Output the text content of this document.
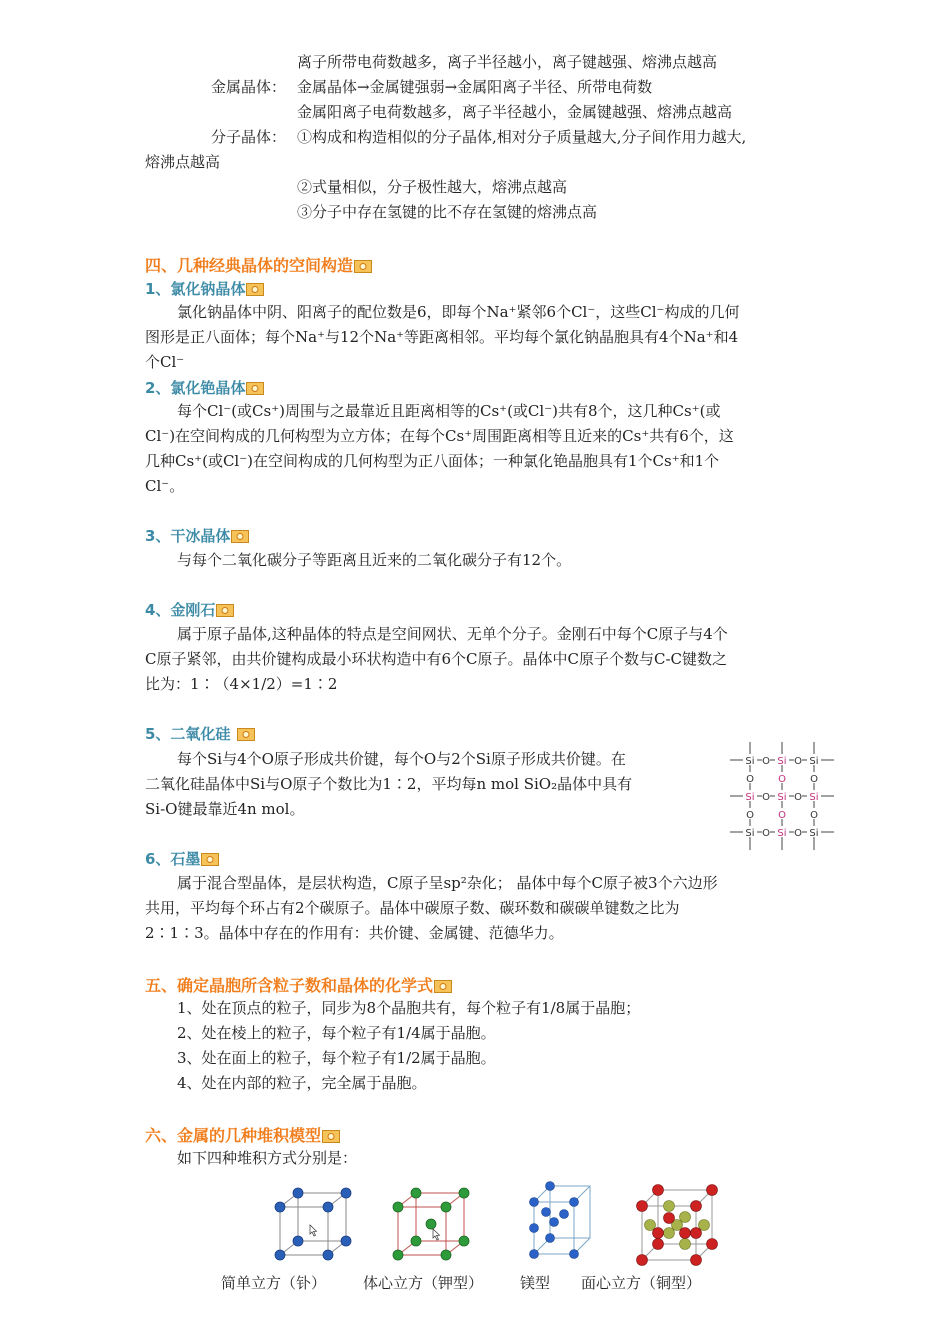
离子所带电荷数越多，离子半径越小，离子键越强、熔沸点越高
金属晶体： 金属晶体→金属键强弱→金属阳离子半径、所带电荷数
金属阳离子电荷数越多，离子半径越小，金属键越强、熔沸点越高
分子晶体： ①构成和构造相似的分子晶体,相对分子质量越大,分子间作用力越大,
熔沸点越高
②式量相似，分子极性越大，熔沸点越高
③分子中存在氢键的比不存在氢键的熔沸点高
四、几种经典晶体的空间构造
1、氯化钠晶体
氯化钠晶体中阴、阳离子的配位数是6，即每个Na⁺紧邻6个Cl⁻，这些Cl⁻构成的几何
图形是正八面体；每个Na⁺与12个Na⁺等距离相邻。平均每个氯化钠晶胞具有4个Na⁺和4
个Cl⁻
2、氯化铯晶体
每个Cl⁻(或Cs⁺)周围与之最靠近且距离相等的Cs⁺(或Cl⁻)共有8个，这几种Cs⁺(或
Cl⁻)在空间构成的几何构型为立方体；在每个Cs⁺周围距离相等且近来的Cs⁺共有6个，这
几种Cs⁺(或Cl⁻)在空间构成的几何构型为正八面体；一种氯化铯晶胞具有1个Cs⁺和1个
Cl⁻。
3、干冰晶体
与每个二氧化碳分子等距离且近来的二氧化碳分子有12个。
4、金刚石
属于原子晶体,这种晶体的特点是空间网状、无单个分子。金刚石中每个C原子与4个
C原子紧邻，由共价键构成最小环状构造中有6个C原子。晶体中C原子个数与C-C键数之
比为：1∶（4×1/2）=1∶2
5、二氧化硅
每个Si与4个O原子形成共价键，每个O与2个Si原子形成共价键。在
二氧化硅晶体中Si与O原子个数比为1∶2，平均每n mol SiO₂晶体中具有
Si-O键最靠近4n mol。
O O
O O
O O
O O O
O O O
Si Si Si
Si Si Si
Si Si Si
6、石墨
属于混合型晶体，是层状构造，C原子呈sp²杂化； 晶体中每个C原子被3个六边形
共用，平均每个环占有2个碳原子。晶体中碳原子数、碳环数和碳碳单键数之比为
2∶1∶3。晶体中存在的作用有：共价键、金属键、范德华力。
五、确定晶胞所含粒子数和晶体的化学式
1、处在顶点的粒子，同步为8个晶胞共有，每个粒子有1/8属于晶胞；
2、处在棱上的粒子，每个粒子有1/4属于晶胞。
3、处在面上的粒子，每个粒子有1/2属于晶胞。
4、处在内部的粒子，完全属于晶胞。
六、金属的几种堆积模型
如下四种堆积方式分别是：
简单立方（钋） 体心立方（钾型） 镁型 面心立方（铜型）
